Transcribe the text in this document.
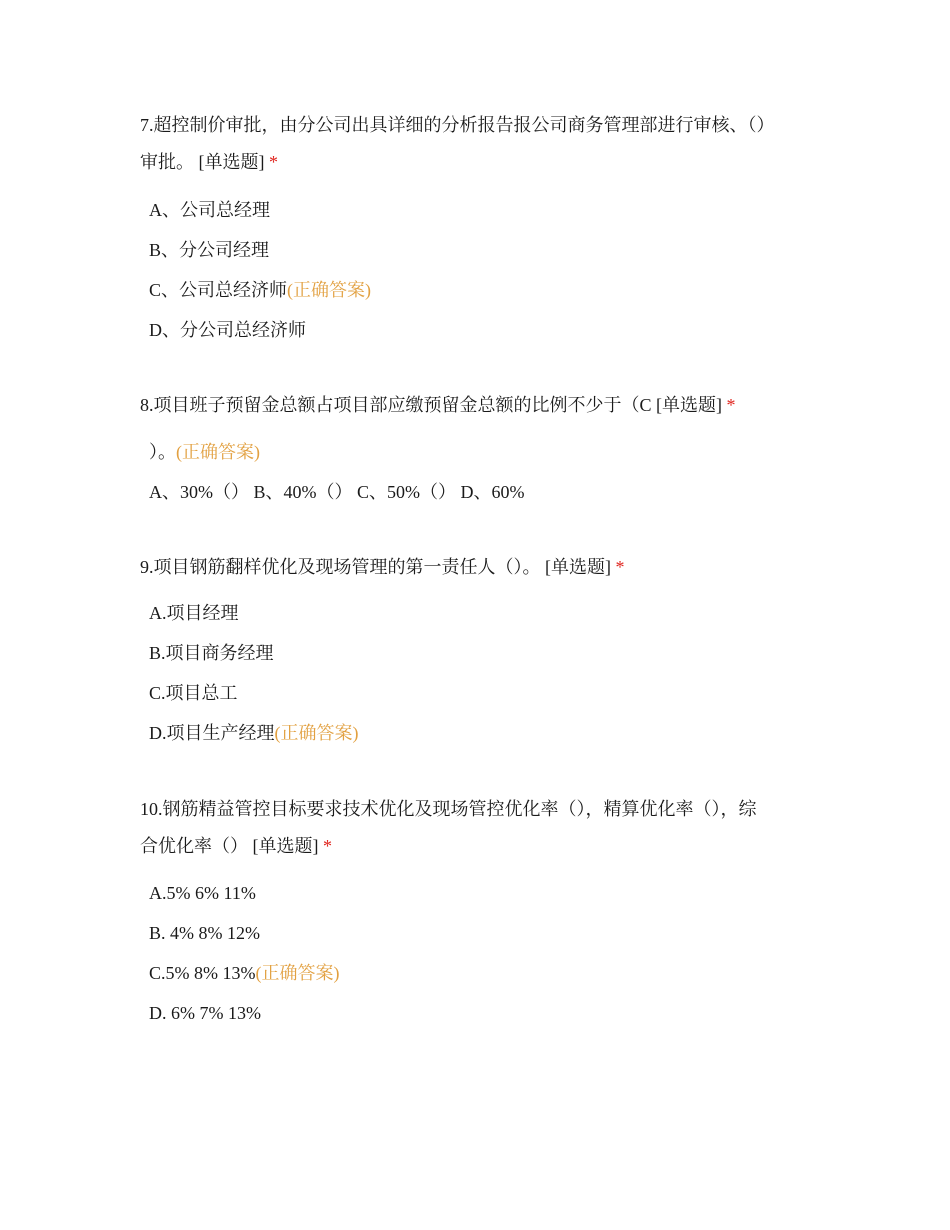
7.超控制价审批，由分公司出具详细的分析报告报公司商务管理部进行审核、（）
审批。 [单选题] *
A、公司总经理
B、分公司经理
C、公司总经济师(正确答案)
D、分公司总经济师
8.项目班子预留金总额占项目部应缴预留金总额的比例不少于（C [单选题] *
）。(正确答案)
A、30%（） B、40%（） C、50%（） D、60%
9.项目钢筋翻样优化及现场管理的第一责任人（）。 [单选题] *
A.项目经理
B.项目商务经理
C.项目总工
D.项目生产经理(正确答案)
10.钢筋精益管控目标要求技术优化及现场管控优化率（），精算优化率（），综
合优化率（） [单选题] *
A.5% 6% 11%
B. 4% 8% 12%
C.5% 8% 13%(正确答案)
D. 6% 7% 13%
